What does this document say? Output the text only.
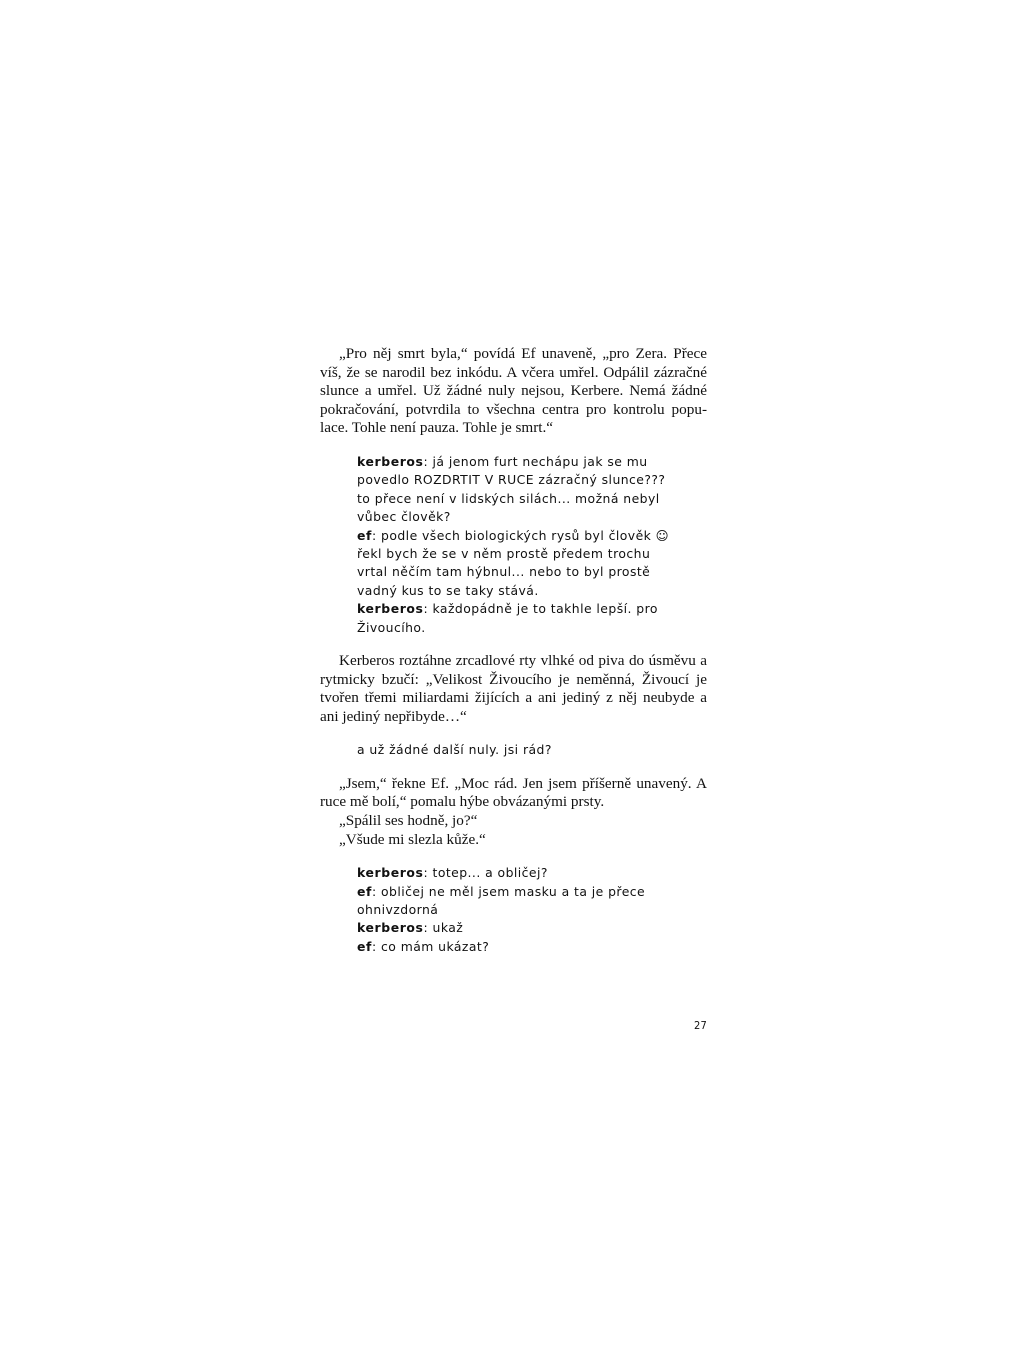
„Pro něj smrt byla,“ povídá Ef unaveně, „pro Zera. Přece víš, že se narodil bez inkódu. A včera umřel. Odpálil zázračné slunce a umřel. Už žádné nuly nejsou, Kerbere. Nemá žádné pokračování, potvrdila to všechna centra pro kontrolu populace. Tohle není pauza. Tohle je smrt.“

kerberos: já jenom furt nechápu jak se mu povedlo ROZDRTIT V RUCE zázračný slunce??? to přece není v lidských silách... možná nebyl vůbec člověk?

ef: podle všech biologických rysů byl člověk ☺ řekl bych že se v něm prostě předem trochu vrtal něčím tam hýbnul... nebo to byl prostě vadný kus to se taky stává.

kerberos: každopádně je to takhle lepší. pro Živoucího.

Kerberos roztáhne zrcadlové rty vlhké od piva do úsměvu a rytmicky bzučí: „Velikost Živoucího je neměnná, Živoucí je tvořen třemi miliardami žijících a ani jediný z něj neubyde a ani jediný nepřibyde…“

a už žádné další nuly. jsi rád?

„Jsem,“ řekne Ef. „Moc rád. Jen jsem příšerně unavený. A ruce mě bolí,“ pomalu hýbe obvázanými prsty.

„Spálil ses hodně, jo?“

„Všude mi slezla kůže.“

kerberos: totep... a obličej?

ef: obličej ne měl jsem masku a ta je přece ohnivzdorná

kerberos: ukaž

ef: co mám ukázat?

27
